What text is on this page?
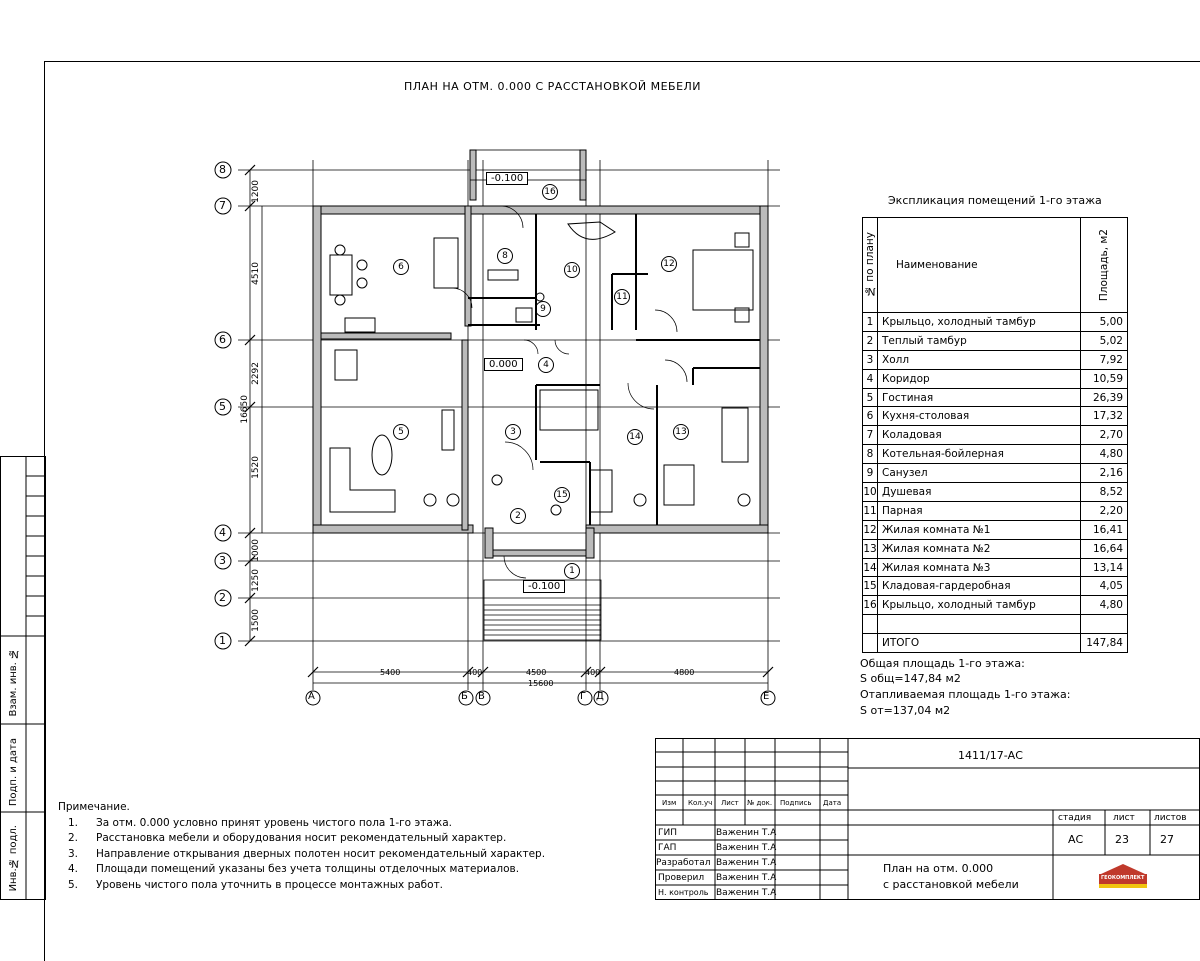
ПЛАН НА ОТМ. 0.000 С РАССТАНОВКОЙ МЕБЕЛИ
8
7
6
5
4
3
2
1
А	Б В	Г Д	Е
1200
4510
2292
1520
1000
1250
1500
16650
5400	400	4500	400	4800
15600
-0.100
0.000
-0.100
1
2
3
4
5
6
8
9
10
11
12
13
14
15
16
Экспликация помещений 1-го этажа
№ по плану	Наименование	Площадь, м2

1	Крыльцо, холодный тамбур	5,00
2	Теплый тамбур	5,02
3	Холл	7,92
4	Коридор	10,59
5	Гостиная	26,39
6	Кухня-столовая	17,32
7	Коладовая	2,70
8	Котельная-бойлерная	4,80
9	Санузел	2,16
10	Душевая	8,52
11	Парная	2,20
12	Жилая комната №1	16,41
13	Жилая комната №2	16,64
14	Жилая комната №3	13,14
15	Кладовая-гардеробная	4,05
16	Крыльцо, холодный тамбур	4,80

	ИТОГО	147,84
Общая площадь 1-го этажа:
S общ=147,84 м2
Отапливаемая площадь 1-го этажа:
S от=137,04 м2
Примечание.
1. За отм. 0.000 условно принят уровень чистого пола 1-го этажа.
2. Расстановка мебели и оборудования носит рекомендательный характер.
3. Направление открывания дверных полотен носит рекомендательный характер.
4. Площади помещений указаны без учета толщины отделочных материалов.
5. Уровень чистого пола уточнить в процессе монтажных работ.
Взам. инв. №
Подп. и дата
Инв.№ подл.
1411/17-АС
Изм Кол.уч Лист № док. Подпись Дата
ГИП	Важенин Т.А
ГАП	Важенин Т.А
Разработал Важенин Т.А
Проверил Важенин Т.А
Н. контроль Важенин Т.А
стадия лист листов
АС	23	27
План на отм. 0.000
с расстановкой мебели	ГЕОКОМПЛЕКТ
